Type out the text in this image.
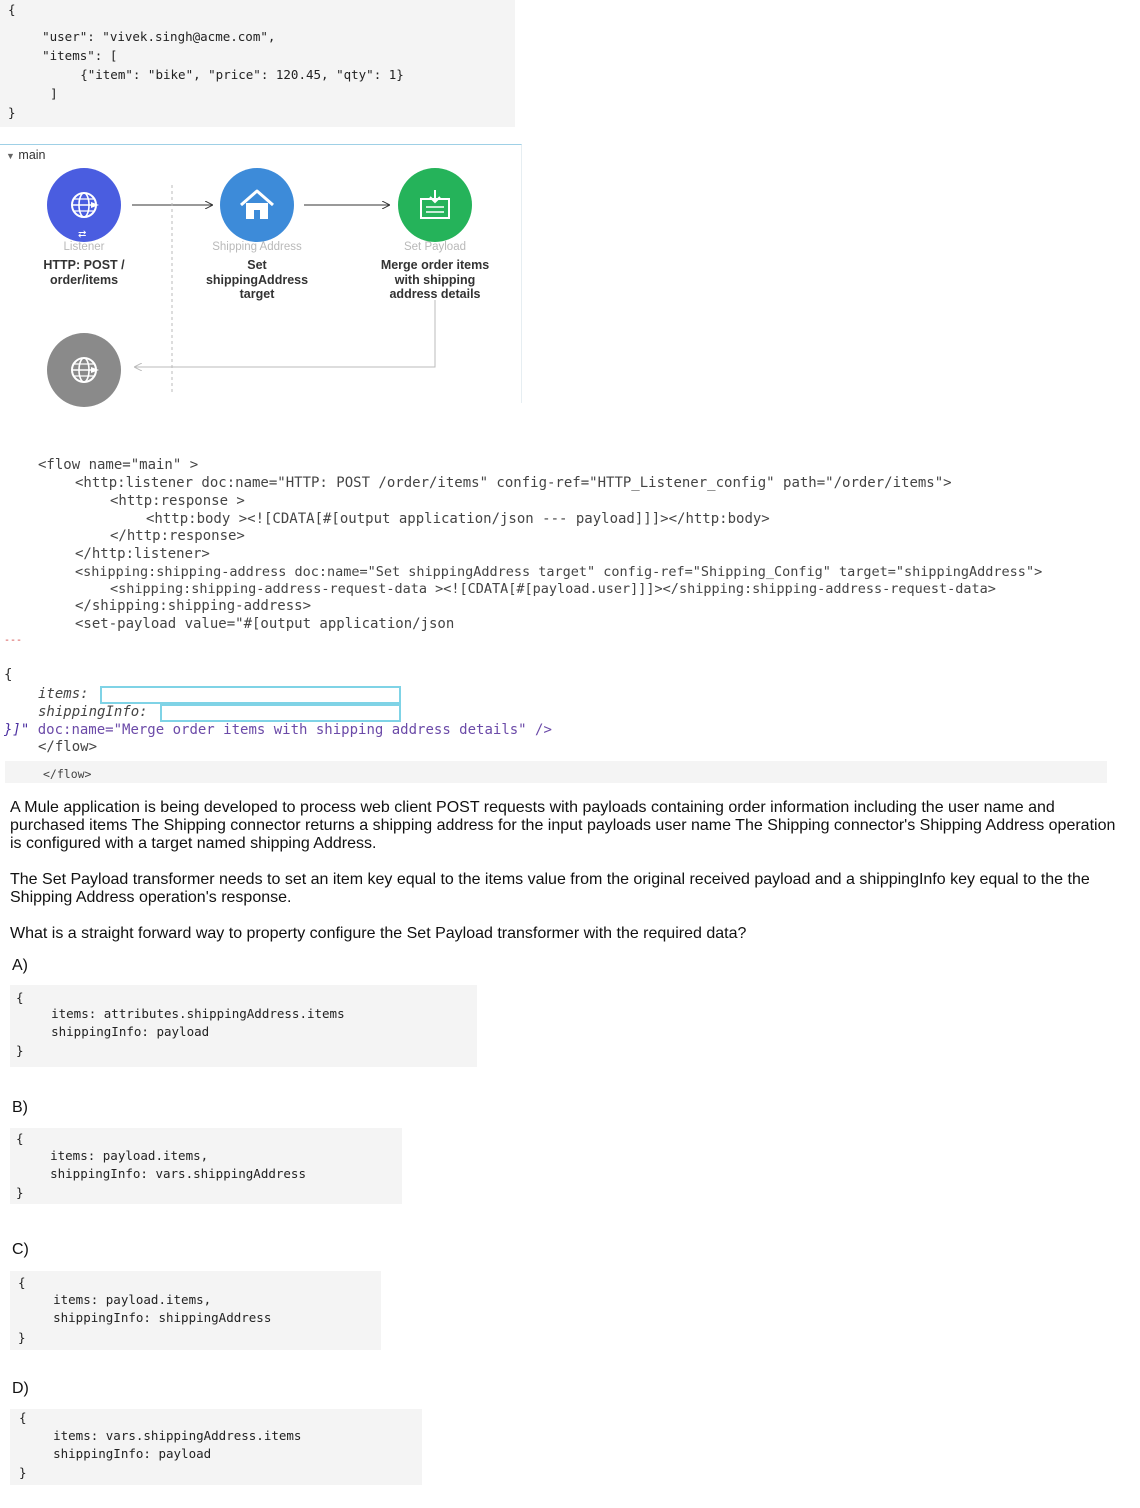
{
"user": "vivek.singh@acme.com",
"items": [
{"item": "bike", "price": 120.45, "qty": 1}
]
}
▼ main
⇄
Listener
HTTP: POST /
order/items
Shipping Address
Set
shippingAddress
target
Set Payload
Merge order items
with shipping
address details
<flow name="main" >
<http:listener doc:name="HTTP: POST /order/items" config-ref="HTTP_Listener_config" path="/order/items">
<http:response >
<http:body ><![CDATA[#[output application/json --- payload]]]></http:body>
</http:response>
</http:listener>
<shipping:shipping-address doc:name="Set shippingAddress target" config-ref="Shipping_Config" target="shippingAddress">
<shipping:shipping-address-request-data ><![CDATA[#[payload.user]]]></shipping:shipping-address-request-data>
</shipping:shipping-address>
<set-payload value="#[output application/json
---
{
items:
shippingInfo:
}]" doc:name="Merge order items with shipping address details" />
</flow>
</flow>
A Mule application is being developed to process web client POST requests with payloads containing order information including the user name and purchased items The Shipping connector returns a shipping address for the input payloads user name The Shipping connector's Shipping Address operation is configured with a target named shipping Address.
The Set Payload transformer needs to set an item key equal to the items value from the original received payload and a shippingInfo key equal to the the Shipping Address operation's response.
What is a straight forward way to property configure the Set Payload transformer with the required data?
A)
{
items: attributes.shippingAddress.items
shippingInfo: payload
}
B)
{
items: payload.items,
shippingInfo: vars.shippingAddress
}
C)
{
items: payload.items,
shippingInfo: shippingAddress
}
D)
{
items: vars.shippingAddress.items
shippingInfo: payload
}
